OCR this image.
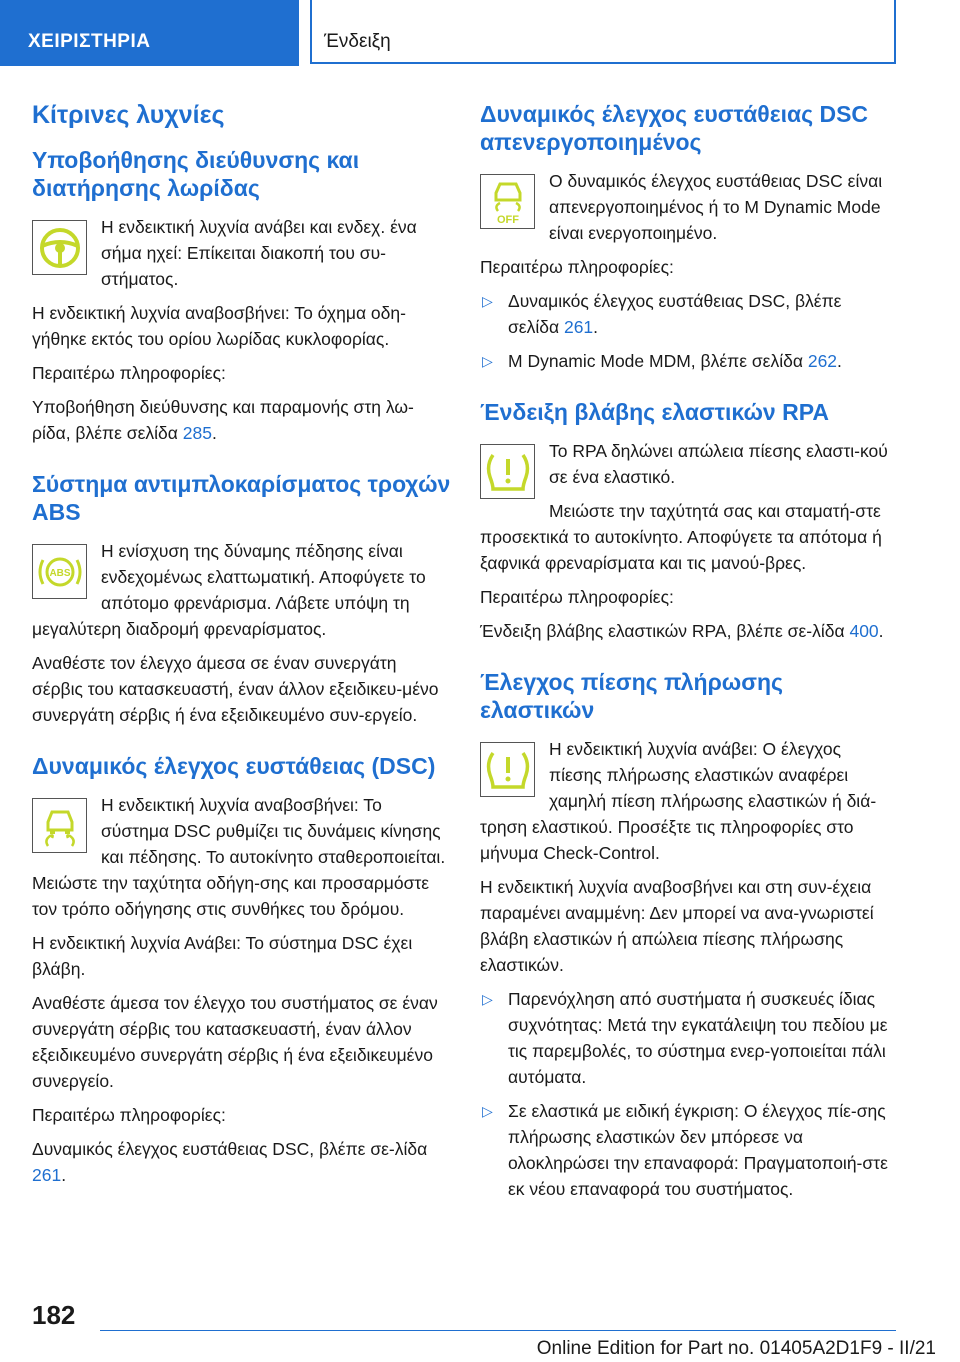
ΧΕΙΡΙΣΤΗΡΙΑ	Ένδειξη
Κίτρινες λυχνίες
Υποβοήθησης διεύθυνσης και διατήρησης λωρίδας

Η ενδεικτική λυχνία ανάβει και ενδεχ. ένα σήμα ηχεί: Επίκειται διακοπή του συ-στήματος.

Η ενδεικτική λυχνία αναβοσβήνει: Το όχημα οδη-γήθηκε εκτός του ορίου λωρίδας κυκλοφορίας.

Περαιτέρω πληροφορίες:

Υποβοήθηση διεύθυνσης και παραμονής στη λω-ρίδα, βλέπε σελίδα 285.

Σύστημα αντιμπλοκαρίσματος τροχών ABS
ABS

Η ενίσχυση της δύναμης πέδησης είναι ενδεχομένως ελαττωματική. Αποφύγετε το απότομο φρενάρισμα. Λάβετε υπόψη τη μεγαλύτερη διαδρομή φρεναρίσματος.

Αναθέστε τον έλεγχο άμεσα σε έναν συνεργάτη σέρβις του κατασκευαστή, έναν άλλον εξειδικευ-μένο συνεργάτη σέρβις ή ένα εξειδικευμένο συν-εργείο.

Δυναμικός έλεγχος ευστάθειας (DSC)

Η ενδεικτική λυχνία αναβοσβήνει: Το σύστημα DSC ρυθμίζει τις δυνάμεις κίνησης και πέδησης. Το αυτοκίνητο σταθεροποιείται. Μειώστε την ταχύτητα οδήγη-σης και προσαρμόστε τον τρόπο οδήγησης στις συνθήκες του δρόμου.

Η ενδεικτική λυχνία Ανάβει: Το σύστημα DSC έχει βλάβη.

Αναθέστε άμεσα τον έλεγχο του συστήματος σε έναν συνεργάτη σέρβις του κατασκευαστή, έναν άλλον εξειδικευμένο συνεργάτη σέρβις ή ένα εξειδικευμένο συνεργείο.

Περαιτέρω πληροφορίες:

Δυναμικός έλεγχος ευστάθειας DSC, βλέπε σε-λίδα 261.

Δυναμικός έλεγχος ευστάθειας DSC απενεργοποιημένος
OFF

Ο δυναμικός έλεγχος ευστάθειας DSC είναι απενεργοποιημένος ή το M Dynamic Mode είναι ενεργοποιημένο.

Περαιτέρω πληροφορίες:

▷ Δυναμικός έλεγχος ευστάθειας DSC, βλέπε σελίδα 261.
▷ M Dynamic Mode MDM, βλέπε σελίδα 262.
Ένδειξη βλάβης ελαστικών RPA

Το RPA δηλώνει απώλεια πίεσης ελαστι-κού σε ένα ελαστικό.

Μειώστε την ταχύτητά σας και σταματή-στε προσεκτικά το αυτοκίνητο. Αποφύγετε τα απότομα ή ξαφνικά φρεναρίσματα και τις μανού-βρες.

Περαιτέρω πληροφορίες:

Ένδειξη βλάβης ελαστικών RPA, βλέπε σε-λίδα 400.

Έλεγχος πίεσης πλήρωσης ελαστικών

Η ενδεικτική λυχνία ανάβει: Ο έλεγχος πίεσης πλήρωσης ελαστικών αναφέρει χαμηλή πίεση πλήρωσης ελαστικών ή διά-τρηση ελαστικού. Προσέξτε τις πληροφορίες στο μήνυμα Check-Control.

Η ενδεικτική λυχνία αναβοσβήνει και στη συν-έχεια παραμένει αναμμένη: Δεν μπορεί να ανα-γνωριστεί βλάβη ελαστικών ή απώλεια πίεσης πλήρωσης ελαστικών.

▷ Παρενόχληση από συστήματα ή συσκευές ίδιας συχνότητας: Μετά την εγκατάλειψη του πεδίου με τις παρεμβολές, το σύστημα ενερ-γοποιείται πάλι αυτόματα.
▷ Σε ελαστικά με ειδική έγκριση: Ο έλεγχος πίε-σης πλήρωσης ελαστικών δεν μπόρεσε να ολοκληρώσει την επαναφορά: Πραγματοποιή-στε εκ νέου επαναφορά του συστήματος.
182
Online Edition for Part no. 01405A2D1F9 - II/21
